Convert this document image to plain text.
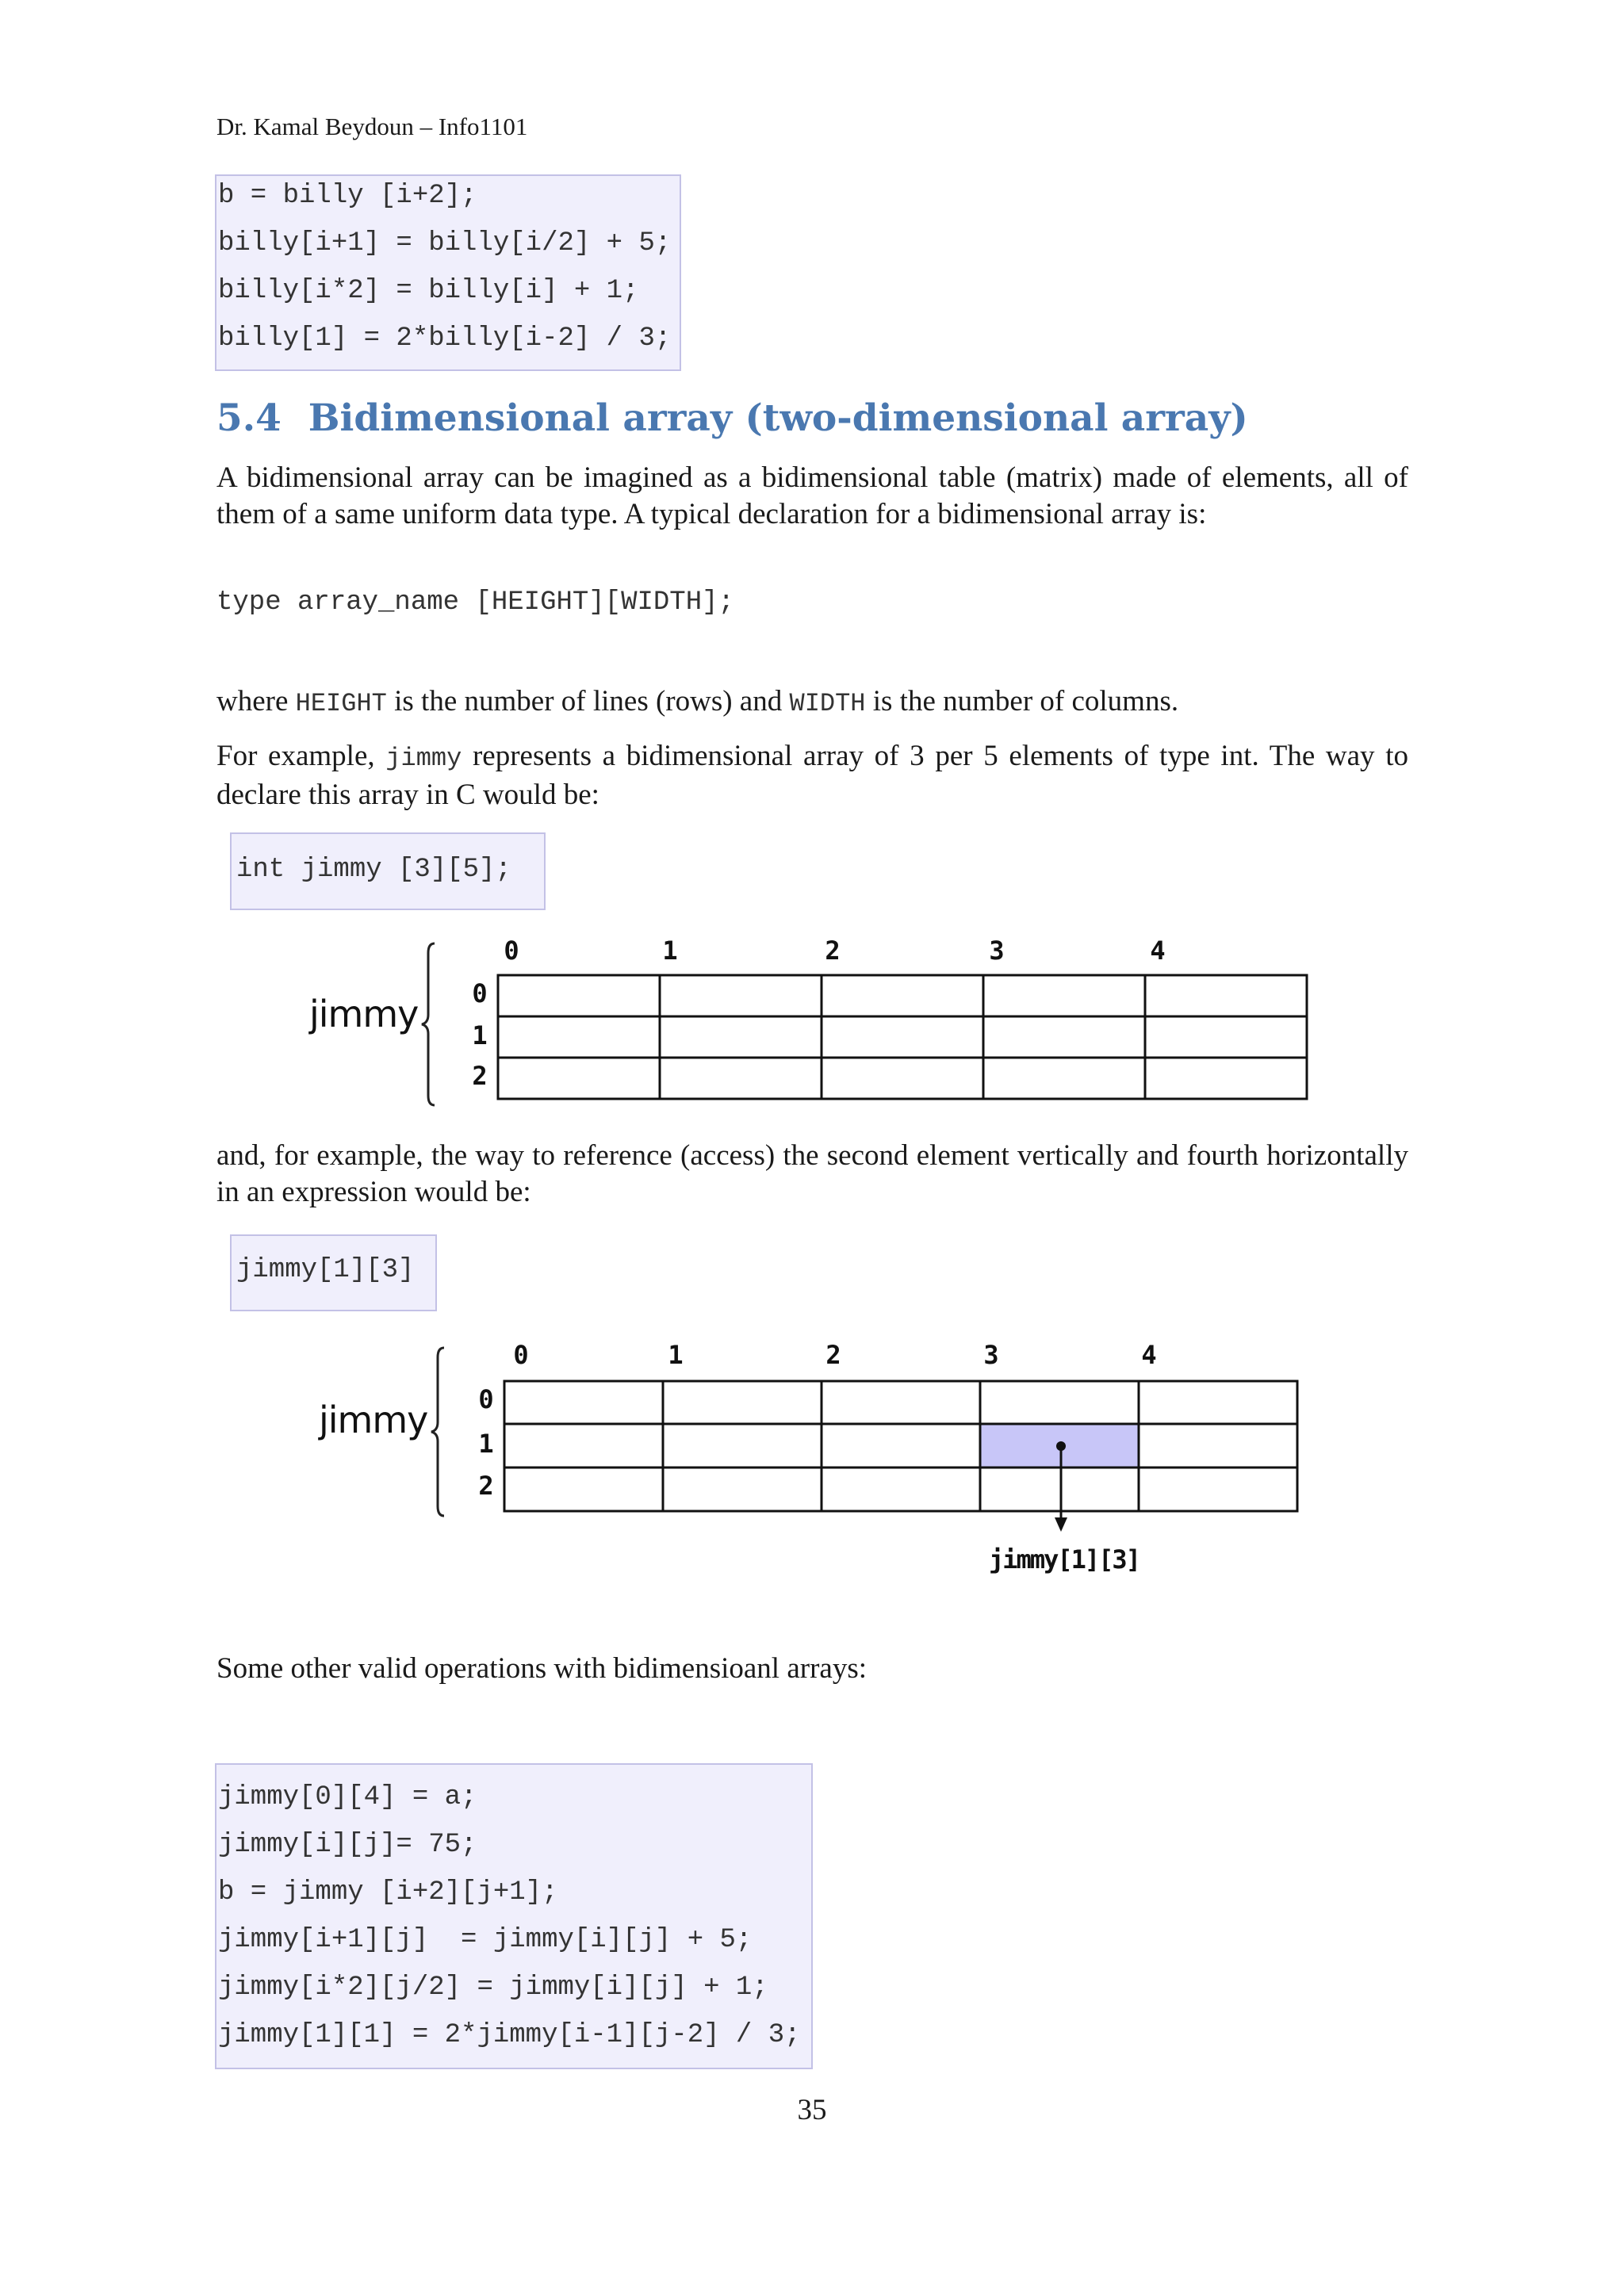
Dr. Kamal Beydoun – Info1101

b = billy [i+2];

billy[i+1] = billy[i/2] + 5;

billy[i*2] = billy[i] + 1;

billy[1] = 2*billy[i-2] / 3;

5.4 Bidimensional array (two-dimensional array)
A bidimensional array can be imagined as a bidimensional table (matrix) made of elements, all of them of a same uniform data type. A typical declaration for a bidimensional array is:
type array_name [HEIGHT][WIDTH];
where HEIGHT is the number of lines (rows) and WIDTH is the number of columns.
For example, jimmy represents a bidimensional array of 3 per 5 elements of type int. The way to declare this array in C would be:

int jimmy [3][5];

jimmy
0	1	2	3	4
0
1
2
and, for example, the way to reference (access) the second element vertically and fourth horizontally in an expression would be:

jimmy[1][3]

jimmy
0	1	2	3	4
0
1
2
jimmy[1][3]
Some other valid operations with bidimensioanl arrays:

jimmy[0][4] = a;

jimmy[i][j]= 75;

b = jimmy [i+2][j+1];

jimmy[i+1][j]  = jimmy[i][j] + 5;

jimmy[i*2][j/2] = jimmy[i][j] + 1;

jimmy[1][1] = 2*jimmy[i-1][j-2] / 3;

35
